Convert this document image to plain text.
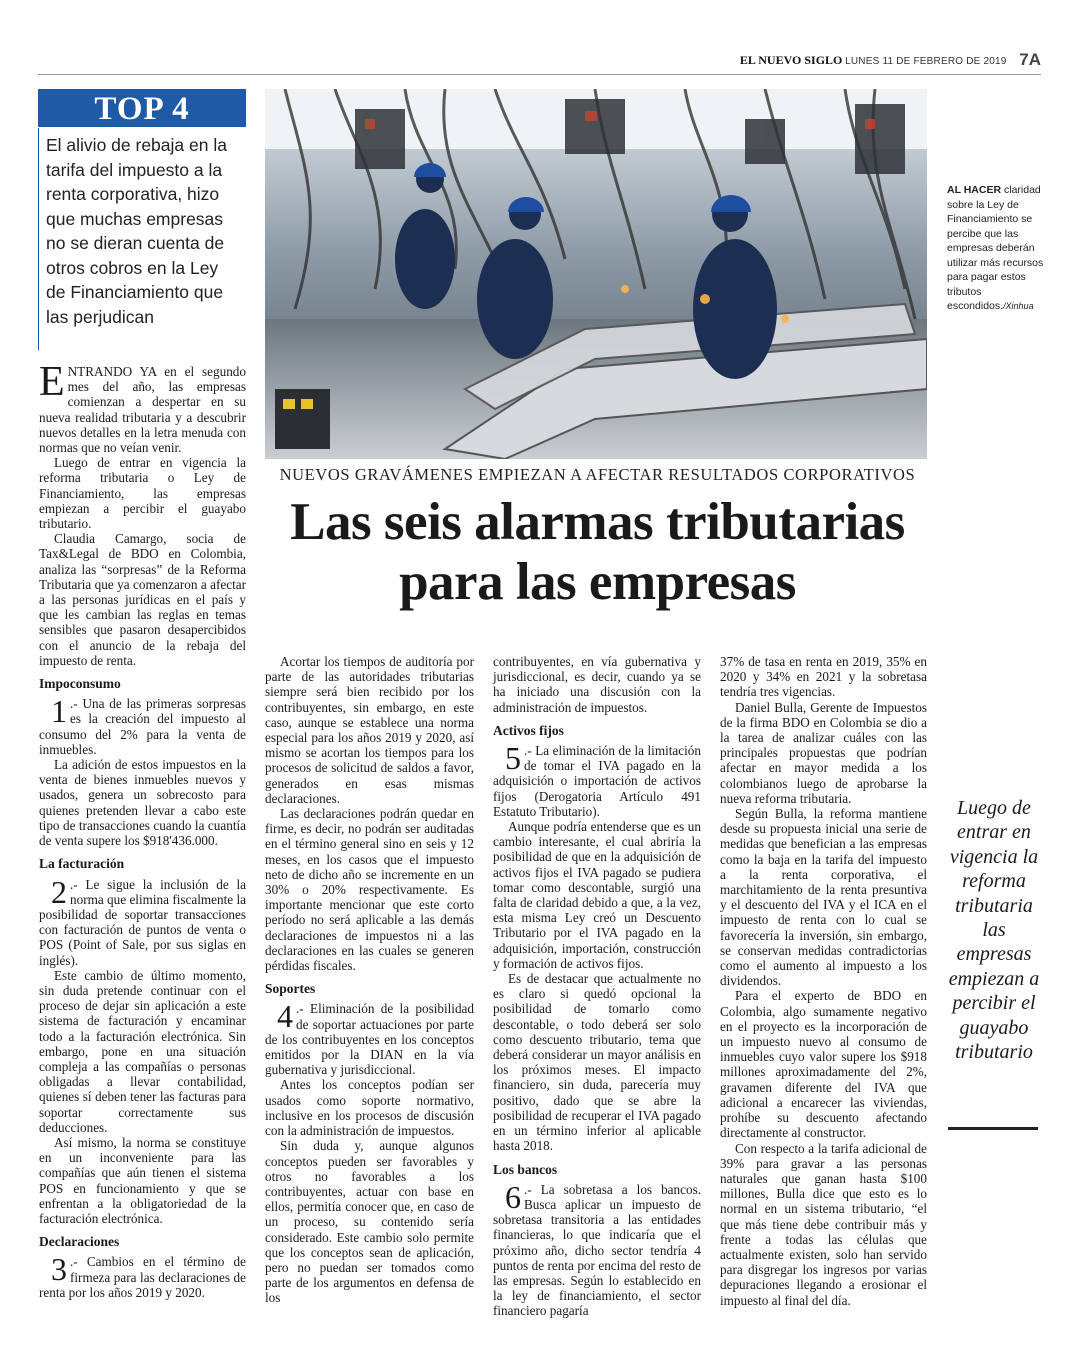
EL NUEVO SIGLO LUNES 11 DE FEBRERO DE 2019 7A
TOP 4
El alivio de rebaja en la tarifa del impuesto a la renta corporativa, hizo que muchas empresas no se dieran cuenta de otros cobros en la Ley de Financiamiento que las perjudican
AL HACER claridad sobre la Ley de Financiamiento se percibe que las empresas deberán utilizar más recursos para pagar estos tributos escondidos./Xinhua
NUEVOS GRAVÁMENES EMPIEZAN A AFECTAR RESULTADOS CORPORATIVOS
Las seis alarmas tributarias
para las empresas

ENTRANDO YA en el segundo mes del año, las empresas comienzan a despertar en su nueva realidad tributaria y a descubrir nuevos detalles en la letra menuda con normas que no veían venir.

Luego de entrar en vigencia la reforma tributaria o Ley de Financiamiento, las empresas empiezan a percibir el guayabo tributario.

Claudia Camargo, socia de Tax&Legal de BDO en Colombia, analiza las “sorpresas” de la Reforma Tributaria que ya comenzaron a afectar a las personas jurídicas en el país y que les cambian las reglas en temas sensibles que pasaron desapercibidos con el anuncio de la rebaja del impuesto de renta.

Impoconsumo

1 .- Una de las primeras sorpresas es la creación del impuesto al consumo del 2% para la venta de inmuebles.

La adición de estos impuestos en la venta de bienes inmuebles nuevos y usados, genera un sobrecosto para quienes pretenden llevar a cabo este tipo de transacciones cuando la cuantía de venta supere los $918'436.000.

La facturación

2 .- Le sigue la inclusión de la norma que elimina fiscalmente la posibilidad de soportar transacciones con facturación de puntos de venta o POS (Point of Sale, por sus siglas en inglés).

Este cambio de último momento, sin duda pretende continuar con el proceso de dejar sin aplicación a este sistema de facturación y encaminar todo a la facturación electrónica. Sin embargo, pone en una situación compleja a las compañías o personas obligadas a llevar contabilidad, quienes sí deben tener las facturas para soportar correctamente sus deducciones.

Así mismo, la norma se constituye en un inconveniente para las compañías que aún tienen el sistema POS en funcionamiento y que se enfrentan a la obligatoriedad de la facturación electrónica.

Declaraciones

3 .- Cambios en el término de firmeza para las declaraciones de renta por los años 2019 y 2020.

Acortar los tiempos de auditoría por parte de las autoridades tributarias siempre será bien recibido por los contribuyentes, sin embargo, en este caso, aunque se establece una norma especial para los años 2019 y 2020, así mismo se acortan los tiempos para los procesos de solicitud de saldos a favor, generados en esas mismas declaraciones.

Las declaraciones podrán quedar en firme, es decir, no podrán ser auditadas en el término general sino en seis y 12 meses, en los casos que el impuesto neto de dicho año se incremente en un 30% o 20% respectivamente. Es importante mencionar que este corto período no será aplicable a las demás declaraciones de impuestos ni a las declaraciones en las cuales se generen pérdidas fiscales.

Soportes

4 .- Eliminación de la posibilidad de soportar actuaciones por parte de los contribuyentes en los conceptos emitidos por la DIAN en la vía gubernativa y jurisdiccional.

Antes los conceptos podían ser usados como soporte normativo, inclusive en los procesos de discusión con la administración de impuestos.

Sin duda y, aunque algunos conceptos pueden ser favorables y otros no favorables a los contribuyentes, actuar con base en ellos, permitía conocer que, en caso de un proceso, su contenido sería considerado. Este cambio solo permite que los conceptos sean de aplicación, pero no puedan ser tomados como parte de los argumentos en defensa de los

contribuyentes, en vía gubernativa y jurisdiccional, es decir, cuando ya se ha iniciado una discusión con la administración de impuestos.

Activos fijos

5 .- La eliminación de la limitación de tomar el IVA pagado en la adquisición o importación de activos fijos (Derogatoria Artículo 491 Estatuto Tributario).

Aunque podría entenderse que es un cambio interesante, el cual abriría la posibilidad de que en la adquisición de activos fijos el IVA pagado se pudiera tomar como descontable, surgió una falta de claridad debido a que, a la vez, esta misma Ley creó un Descuento Tributario por el IVA pagado en la adquisición, importación, construcción y formación de activos fijos.

Es de destacar que actualmente no es claro si quedó opcional la posibilidad de tomarlo como descontable, o todo deberá ser solo como descuento tributario, tema que deberá considerar un mayor análisis en los próximos meses. El impacto financiero, sin duda, parecería muy positivo, dado que se abre la posibilidad de recuperar el IVA pagado en un término inferior al aplicable hasta 2018.

Los bancos

6 .- La sobretasa a los bancos. Busca aplicar un impuesto de sobretasa transitoria a las entidades financieras, lo que indicaría que el próximo año, dicho sector tendría 4 puntos de renta por encima del resto de las empresas. Según lo establecido en la ley de financiamiento, el sector financiero pagaría

37% de tasa en renta en 2019, 35% en 2020 y 34% en 2021 y la sobretasa tendría tres vigencias.

Daniel Bulla, Gerente de Impuestos de la firma BDO en Colombia se dio a la tarea de analizar cuáles con las principales propuestas que podrían afectar en mayor medida a los colombianos luego de aprobarse la nueva reforma tributaria.

Según Bulla, la reforma mantiene desde su propuesta inicial una serie de medidas que benefician a las empresas como la baja en la tarifa del impuesto a la renta corporativa, el marchitamiento de la renta presuntiva y el descuento del IVA y el ICA en el impuesto de renta con lo cual se favorecería la inversión, sin embargo, se conservan medidas contradictorias como el aumento al impuesto a los dividendos.

Para el experto de BDO en Colombia, algo sumamente negativo en el proyecto es la incorporación de un impuesto nuevo al consumo de inmuebles cuyo valor supere los $918 millones aproximadamente del 2%, gravamen diferente del IVA que adicional a encarecer las viviendas, prohíbe su descuento afectando directamente al constructor.

Con respecto a la tarifa adicional de 39% para gravar a las personas naturales que ganan hasta $100 millones, Bulla dice que esto es lo normal en un sistema tributario, “el que más tiene debe contribuir más y frente a todas las células que actualmente existen, solo han servido para disgregar los ingresos por varias depuraciones llegando a erosionar el impuesto al final del día.

Luego de entrar en vigencia la reforma tributaria las empresas empiezan a percibir el guayabo tributario
